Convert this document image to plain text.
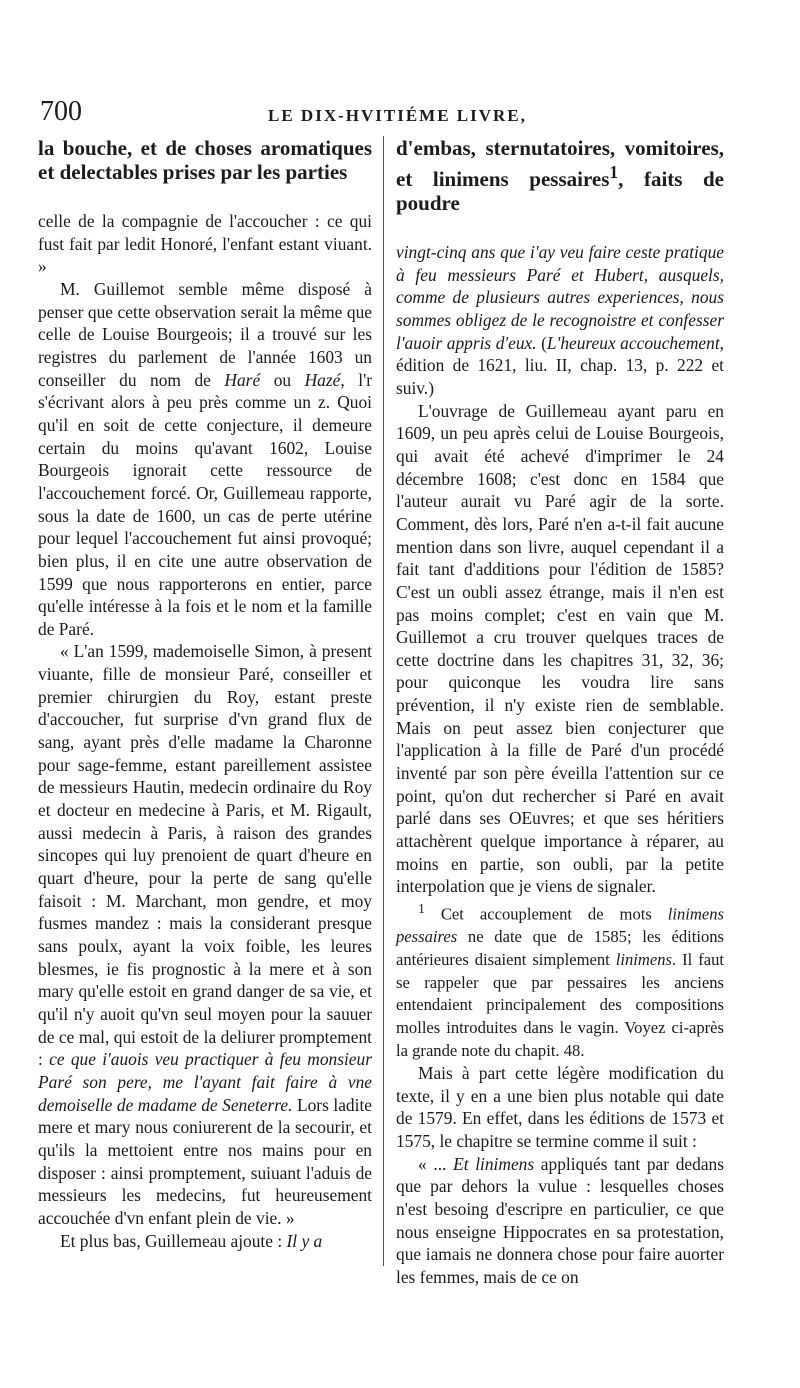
700	LE DIX-HVITIÉME LIVRE,

la bouche, et de choses aromatiques et delectables prises par les parties

celle de la compagnie de l'accoucher : ce qui fust fait par ledit Honoré, l'enfant estant viuant. »

M. Guillemot semble même disposé à penser que cette observation serait la même que celle de Louise Bourgeois; il a trouvé sur les registres du parlement de l'année 1603 un conseiller du nom de Haré ou Hazé, l'r s'écrivant alors à peu près comme un z. Quoi qu'il en soit de cette conjecture, il demeure certain du moins qu'avant 1602, Louise Bourgeois ignorait cette ressource de l'accouchement forcé. Or, Guillemeau rapporte, sous la date de 1600, un cas de perte utérine pour lequel l'accouchement fut ainsi provoqué; bien plus, il en cite une autre observation de 1599 que nous rapporterons en entier, parce qu'elle intéresse à la fois et le nom et la famille de Paré.

« L'an 1599, mademoiselle Simon, à present viuante, fille de monsieur Paré, conseiller et premier chirurgien du Roy, estant preste d'accoucher, fut surprise d'vn grand flux de sang, ayant près d'elle madame la Charonne pour sage-femme, estant pareillement assistee de messieurs Hautin, medecin ordinaire du Roy et docteur en medecine à Paris, et M. Rigault, aussi medecin à Paris, à raison des grandes sincopes qui luy prenoient de quart d'heure en quart d'heure, pour la perte de sang qu'elle faisoit : M. Marchant, mon gendre, et moy fusmes mandez : mais la considerant presque sans poulx, ayant la voix foible, les leures blesmes, ie fis prognostic à la mere et à son mary qu'elle estoit en grand danger de sa vie, et qu'il n'y auoit qu'vn seul moyen pour la sauuer de ce mal, qui estoit de la deliurer promptement : ce que i'auois veu practiquer à feu monsieur Paré son pere, me l'ayant fait faire à vne demoiselle de madame de Seneterre. Lors ladite mere et mary nous coniurerent de la secourir, et qu'ils la mettoient entre nos mains pour en disposer : ainsi promptement, suiuant l'aduis de messieurs les medecins, fut heureusement accouchée d'vn enfant plein de vie. »

Et plus bas, Guillemeau ajoute : Il y a

d'embas, sternutatoires, vomitoires, et linimens pessaires$^1$, faits de poudre

vingt-cinq ans que i'ay veu faire ceste pratique à feu messieurs Paré et Hubert, ausquels, comme de plusieurs autres experiences, nous sommes obligez de le recognoistre et confesser l'auoir appris d'eux. (L'heureux accouchement, édition de 1621, liu. II, chap. 13, p. 222 et suiv.)

L'ouvrage de Guillemeau ayant paru en 1609, un peu après celui de Louise Bourgeois, qui avait été achevé d'imprimer le 24 décembre 1608; c'est donc en 1584 que l'auteur aurait vu Paré agir de la sorte. Comment, dès lors, Paré n'en a-t-il fait aucune mention dans son livre, auquel cependant il a fait tant d'additions pour l'édition de 1585? C'est un oubli assez étrange, mais il n'en est pas moins complet; c'est en vain que M. Guillemot a cru trouver quelques traces de cette doctrine dans les chapitres 31, 32, 36; pour quiconque les voudra lire sans prévention, il n'y existe rien de semblable. Mais on peut assez bien conjecturer que l'application à la fille de Paré d'un procédé inventé par son père éveilla l'attention sur ce point, qu'on dut rechercher si Paré en avait parlé dans ses OEuvres; et que ses héritiers attachèrent quelque importance à réparer, au moins en partie, son oubli, par la petite interpolation que je viens de signaler.

$^1$ Cet accouplement de mots linimens pessaires ne date que de 1585; les éditions antérieures disaient simplement linimens. Il faut se rappeler que par pessaires les anciens entendaient principalement des compositions molles introduites dans le vagin. Voyez ci-après la grande note du chapit. 48.

Mais à part cette légère modification du texte, il y en a une bien plus notable qui date de 1579. En effet, dans les éditions de 1573 et 1575, le chapitre se termine comme il suit :

« ... Et linimens appliqués tant par dedans que par dehors la vulue : lesquelles choses n'est besoing d'escripre en particulier, ce que nous enseigne Hippocrates en sa protestation, que iamais ne donnera chose pour faire auorter les femmes, mais de ce on
